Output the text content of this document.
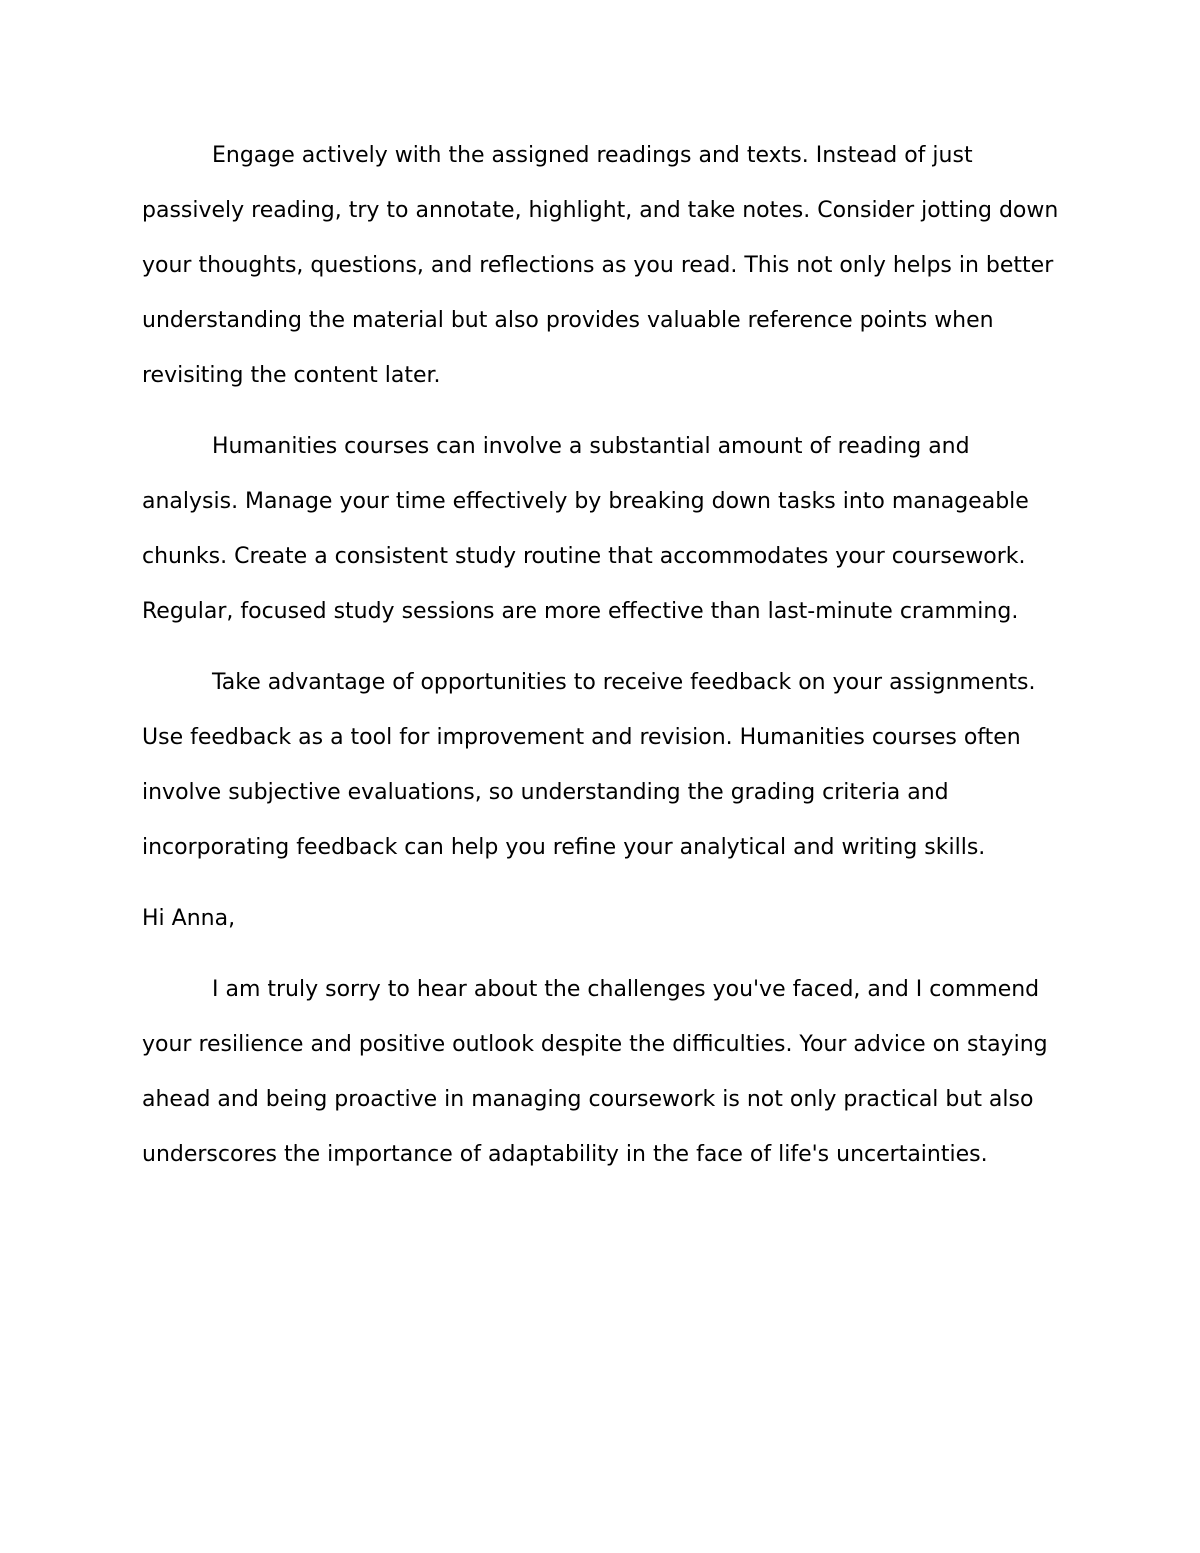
Engage actively with the assigned readings and texts. Instead of just passively reading, try to annotate, highlight, and take notes. Consider jotting down your thoughts, questions, and reflections as you read. This not only helps in better understanding the material but also provides valuable reference points when revisiting the content later.

Humanities courses can involve a substantial amount of reading and analysis. Manage your time effectively by breaking down tasks into manageable chunks. Create a consistent study routine that accommodates your coursework. Regular, focused study sessions are more effective than last-minute cramming.

Take advantage of opportunities to receive feedback on your assignments. Use feedback as a tool for improvement and revision. Humanities courses often involve subjective evaluations, so understanding the grading criteria and incorporating feedback can help you refine your analytical and writing skills.

Hi Anna,

I am truly sorry to hear about the challenges you've faced, and I commend your resilience and positive outlook despite the difficulties. Your advice on staying ahead and being proactive in managing coursework is not only practical but also underscores the importance of adaptability in the face of life's uncertainties.
